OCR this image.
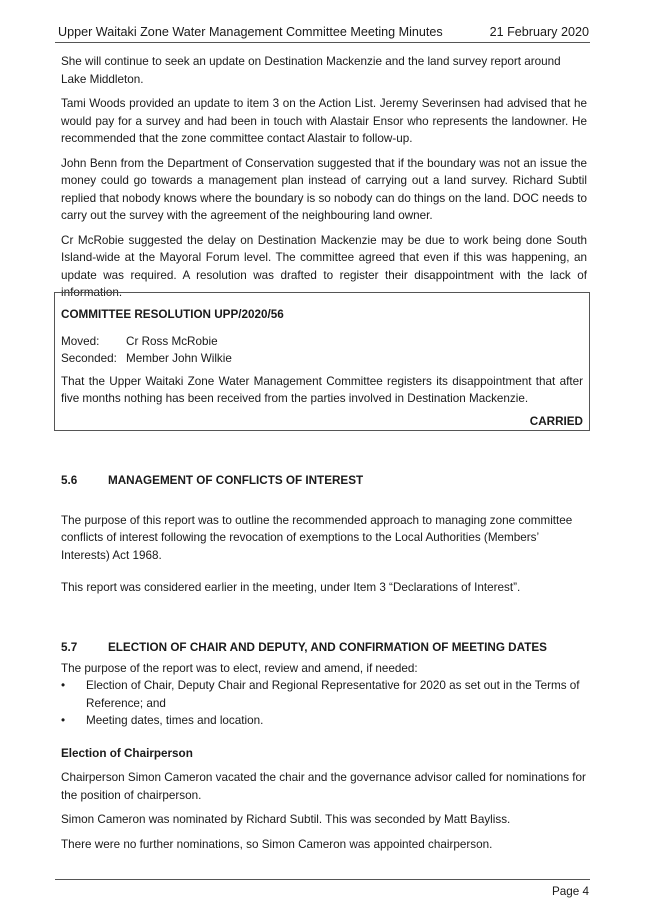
Upper Waitaki Zone Water Management Committee Meeting Minutes	21 February 2020

She will continue to seek an update on Destination Mackenzie and the land survey report around Lake Middleton.

Tami Woods provided an update to item 3 on the Action List. Jeremy Severinsen had advised that he would pay for a survey and had been in touch with Alastair Ensor who represents the landowner. He recommended that the zone committee contact Alastair to follow-up.

John Benn from the Department of Conservation suggested that if the boundary was not an issue the money could go towards a management plan instead of carrying out a land survey. Richard Subtil replied that nobody knows where the boundary is so nobody can do things on the land. DOC needs to carry out the survey with the agreement of the neighbouring land owner.

Cr McRobie suggested the delay on Destination Mackenzie may be due to work being done South Island-wide at the Mayoral Forum level. The committee agreed that even if this was happening, an update was required. A resolution was drafted to register their disappointment with the lack of information.

COMMITTEE RESOLUTION UPP/2020/56
Moved:	Cr Ross McRobie
Seconded: Member John Wilkie
That the Upper Waitaki Zone Water Management Committee registers its disappointment that after five months nothing has been received from the parties involved in Destination Mackenzie.
CARRIED
5.6	MANAGEMENT OF CONFLICTS OF INTEREST

The purpose of this report was to outline the recommended approach to managing zone committee conflicts of interest following the revocation of exemptions to the Local Authorities (Members’ Interests) Act 1968.

This report was considered earlier in the meeting, under Item 3 “Declarations of Interest”.

5.7	ELECTION OF CHAIR AND DEPUTY, AND CONFIRMATION OF MEETING DATES

The purpose of the report was to elect, review and amend, if needed:

• Election of Chair, Deputy Chair and Regional Representative for 2020 as set out in the Terms of Reference; and
• Meeting dates, times and location.

Election of Chairperson

Chairperson Simon Cameron vacated the chair and the governance advisor called for nominations for the position of chairperson.

Simon Cameron was nominated by Richard Subtil. This was seconded by Matt Bayliss.

There were no further nominations, so Simon Cameron was appointed chairperson.

Page 4
